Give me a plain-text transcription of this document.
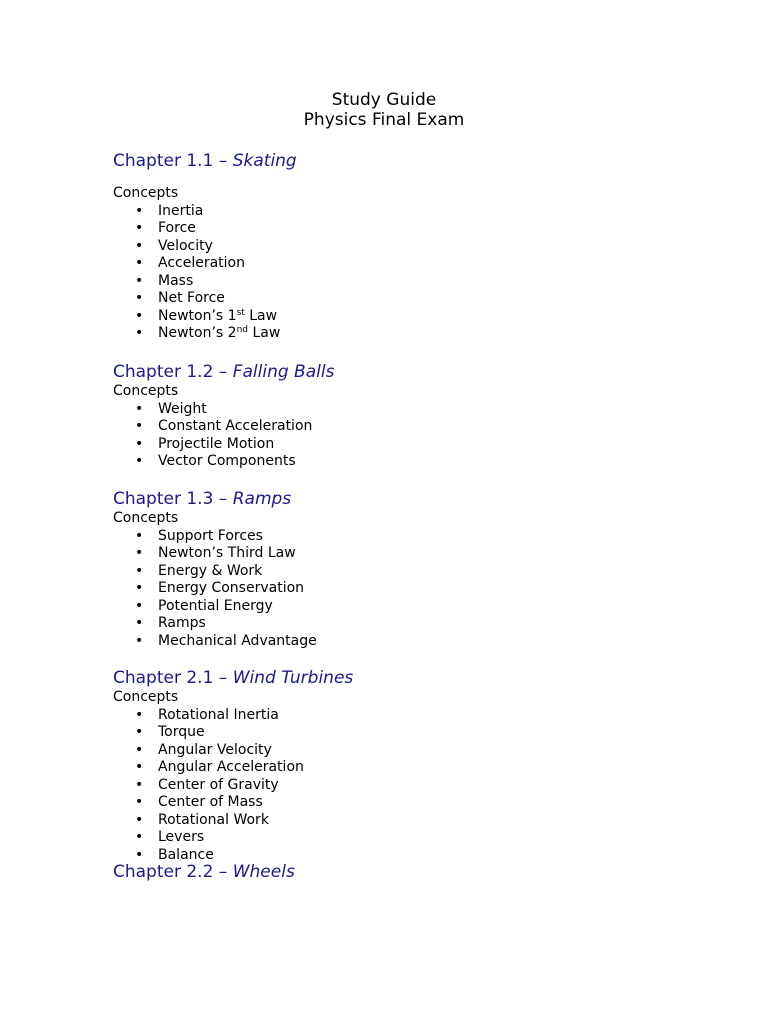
Study Guide
Physics Final Exam
Chapter 1.1 – Skating
Concepts
• Inertia
• Force
• Velocity
• Acceleration
• Mass
• Net Force
• Newton’s 1st Law
• Newton’s 2nd Law
Chapter 1.2 – Falling Balls
Concepts
• Weight
• Constant Acceleration
• Projectile Motion
• Vector Components
Chapter 1.3 – Ramps
Concepts
• Support Forces
• Newton’s Third Law
• Energy & Work
• Energy Conservation
• Potential Energy
• Ramps
• Mechanical Advantage
Chapter 2.1 – Wind Turbines
Concepts
• Rotational Inertia
• Torque
• Angular Velocity
• Angular Acceleration
• Center of Gravity
• Center of Mass
• Rotational Work
• Levers
• Balance
Chapter 2.2 – Wheels
